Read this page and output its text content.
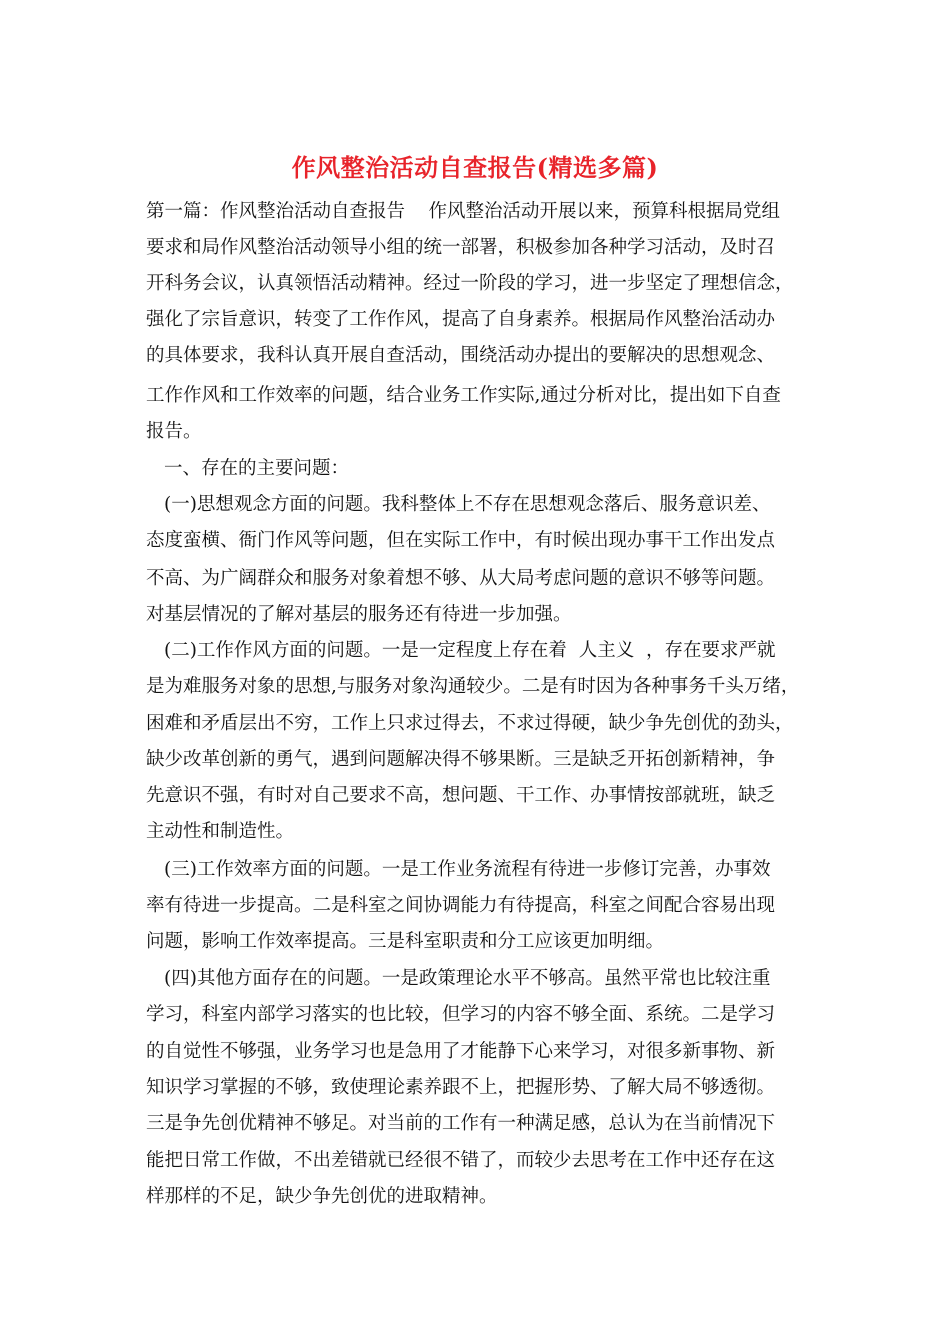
作风整治活动自查报告(精选多篇)
第一篇：作风整治活动自查报告    作风整治活动开展以来，预算科根据局党组
要求和局作风整治活动领导小组的统一部署，积极参加各种学习活动，及时召
开科务会议，认真领悟活动精神。经过一阶段的学习，进一步坚定了理想信念，
强化了宗旨意识，转变了工作作风，提高了自身素养。根据局作风整治活动办
的具体要求，我科认真开展自查活动，围绕活动办提出的要解决的思想观念、
工作作风和工作效率的问题，结合业务工作实际,通过分析对比，提出如下自查
报告。
一、存在的主要问题：
(一)思想观念方面的问题。我科整体上不存在思想观念落后、服务意识差、
态度蛮横、衙门作风等问题，但在实际工作中，有时候出现办事干工作出发点
不高、为广阔群众和服务对象着想不够、从大局考虑问题的意识不够等问题。
对基层情况的了解对基层的服务还有待进一步加强。
(二)工作作风方面的问题。一是一定程度上存在着  人主义  ，存在要求严就
是为难服务对象的思想,与服务对象沟通较少。二是有时因为各种事务千头万绪，
困难和矛盾层出不穷，工作上只求过得去，不求过得硬，缺少争先创优的劲头，
缺少改革创新的勇气，遇到问题解决得不够果断。三是缺乏开拓创新精神，争
先意识不强，有时对自己要求不高，想问题、干工作、办事情按部就班，缺乏
主动性和制造性。
(三)工作效率方面的问题。一是工作业务流程有待进一步修订完善，办事效
率有待进一步提高。二是科室之间协调能力有待提高，科室之间配合容易出现
问题，影响工作效率提高。三是科室职责和分工应该更加明细。
(四)其他方面存在的问题。一是政策理论水平不够高。虽然平常也比较注重
学习，科室内部学习落实的也比较，但学习的内容不够全面、系统。二是学习
的自觉性不够强，业务学习也是急用了才能静下心来学习，对很多新事物、新
知识学习掌握的不够，致使理论素养跟不上，把握形势、了解大局不够透彻。
三是争先创优精神不够足。对当前的工作有一种满足感，总认为在当前情况下
能把日常工作做，不出差错就已经很不错了，而较少去思考在工作中还存在这
样那样的不足，缺少争先创优的进取精神。
